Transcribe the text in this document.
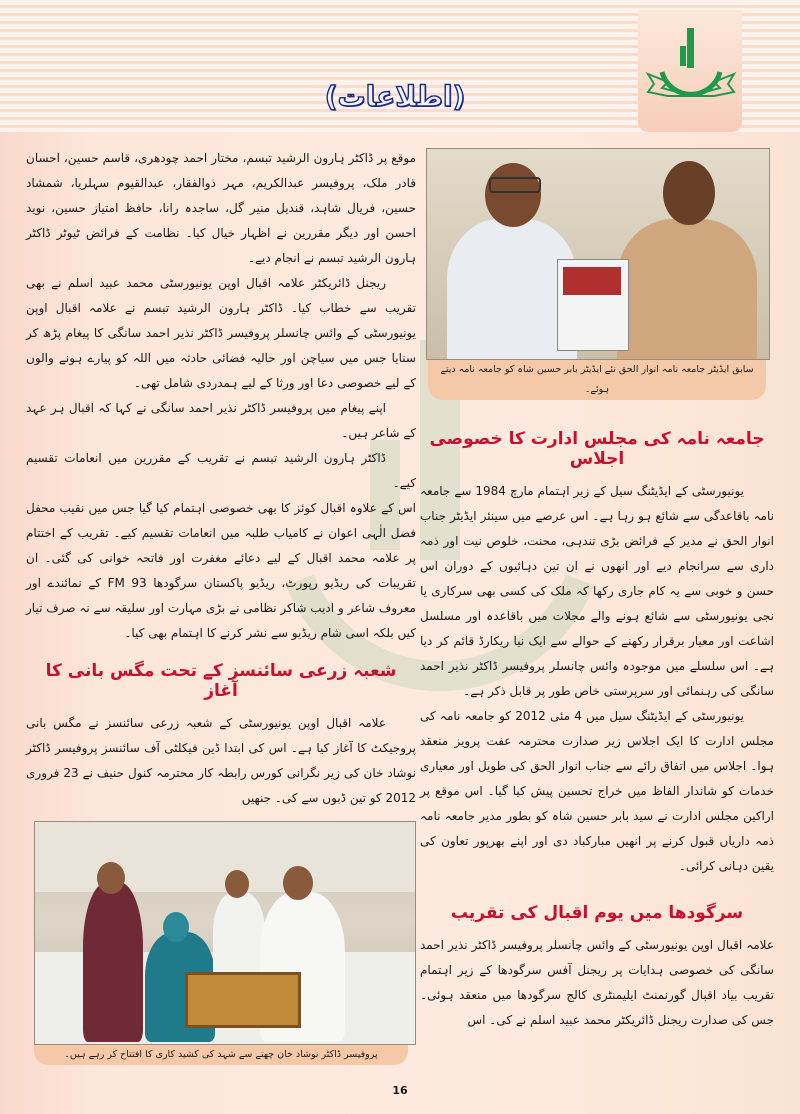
(اطلاعات)

موقع پر ڈاکٹر ہارون الرشید تبسم، مختار احمد چودھری، قاسم حسین، احسان قادر ملک، پروفیسر عبدالکریم، مہر ذوالفقار، عبدالقیوم سہلریا، شمشاد حسین، فریال شاہد، قندیل منیر گل، ساجدہ رانا، حافظ امتیاز حسین، نوید احسن اور دیگر مقررین نے اظہار خیال کیا۔ نظامت کے فرائض ٹیوٹر ڈاکٹر ہارون الرشید تبسم نے انجام دیے۔

ریجنل ڈائریکٹر علامہ اقبال اوپن یونیورسٹی محمد عبید اسلم نے بھی تقریب سے خطاب کیا۔ ڈاکٹر ہارون الرشید تبسم نے علامہ اقبال اوپن یونیورسٹی کے وائس چانسلر پروفیسر ڈاکٹر نذیر احمد سانگی کا پیغام پڑھ کر سنایا جس میں سیاچن اور حالیہ فضائی حادثہ میں اللہ کو پیارے ہونے والوں کے لیے خصوصی دعا اور ورثا کے لیے ہمدردی شامل تھی۔

اپنے پیغام میں پروفیسر ڈاکٹر نذیر احمد سانگی نے کہا کہ اقبال ہر عہد کے شاعر ہیں۔

ڈاکٹر ہارون الرشید تبسم نے تقریب کے مقررین میں انعامات تقسیم کیے۔

اس کے علاوہ اقبال کوئز کا بھی خصوصی اہتمام کیا گیا جس میں نقیب محفل فضل الٰہی اعوان نے کامیاب طلبہ میں انعامات تقسیم کیے۔ تقریب کے اختتام پر علامہ محمد اقبال کے لیے دعائے مغفرت اور فاتحہ خوانی کی گئی۔ ان تقریبات کی ریڈیو رپورٹ، ریڈیو پاکستان سرگودھا FM 93 کے نمائندے اور معروف شاعر و ادیب شاکر نظامی نے بڑی مہارت اور سلیقہ سے نہ صرف تیار کیں بلکہ اسی شام ریڈیو سے نشر کرنے کا اہتمام بھی کیا۔

شعبہ زرعی سائنسز کے تحت مگس بانی کا آغاز

علامہ اقبال اوپن یونیورسٹی کے شعبہ زرعی سائنسز نے مگس بانی پروجیکٹ کا آغاز کیا ہے۔ اس کی ابتدا ڈین فیکلٹی آف سائنسز پروفیسر ڈاکٹر نوشاد خان کی زیر نگرانی کورس رابطہ کار محترمہ کنول حنیف نے 23 فروری 2012 کو تین ڈبوں سے کی۔ جنھیں

پروفیسر ڈاکٹر نوشاد خان چھتے سے شہد کی کشید کاری کا افتتاح کر رہے ہیں۔
سابق ایڈیٹر جامعہ نامہ انوار الحق نئے ایڈیٹر بابر حسین شاہ کو جامعہ نامہ دیتے ہوئے۔
جامعہ نامہ کی مجلس ادارت کا خصوصی اجلاس

یونیورسٹی کے ایڈیٹنگ سیل کے زیر اہتمام مارچ 1984 سے جامعہ نامہ باقاعدگی سے شائع ہو رہا ہے۔ اس عرصے میں سینئر ایڈیٹر جناب انوار الحق نے مدیر کے فرائض بڑی تندہی، محنت، خلوص نیت اور ذمہ داری سے سرانجام دیے اور انھوں نے ان تین دہائیوں کے دوران اس حسن و خوبی سے یہ کام جاری رکھا کہ ملک کی کسی بھی سرکاری یا نجی یونیورسٹی سے شائع ہونے والے مجلات میں باقاعدہ اور مسلسل اشاعت اور معیار برقرار رکھنے کے حوالے سے ایک نیا ریکارڈ قائم کر دیا ہے۔ اس سلسلے میں موجودہ وائس چانسلر پروفیسر ڈاکٹر نذیر احمد سانگی کی رہنمائی اور سرپرستی خاص طور پر قابل ذکر ہے۔

یونیورسٹی کے ایڈیٹنگ سیل میں 4 مئی 2012 کو جامعہ نامہ کی مجلس ادارت کا ایک اجلاس زیر صدارت محترمہ عفت پرویز منعقد ہوا۔ اجلاس میں اتفاق رائے سے جناب انوار الحق کی طویل اور معیاری خدمات کو شاندار الفاظ میں خراج تحسین پیش کیا گیا۔ اس موقع پر اراکین مجلس ادارت نے سید بابر حسین شاہ کو بطور مدیر جامعہ نامہ ذمہ داریاں قبول کرنے پر انھیں مبارکباد دی اور اپنے بھرپور تعاون کی یقین دہانی کرائی۔

سرگودھا میں یوم اقبال کی تقریب

علامہ اقبال اوپن یونیورسٹی کے وائس چانسلر پروفیسر ڈاکٹر نذیر احمد سانگی کی خصوصی ہدایات پر ریجنل آفس سرگودھا کے زیر اہتمام تقریب بیاد اقبال گورنمنٹ ایلیمنٹری کالج سرگودھا میں منعقد ہوئی۔ جس کی صدارت ریجنل ڈائریکٹر محمد عبید اسلم نے کی۔ اس

16
